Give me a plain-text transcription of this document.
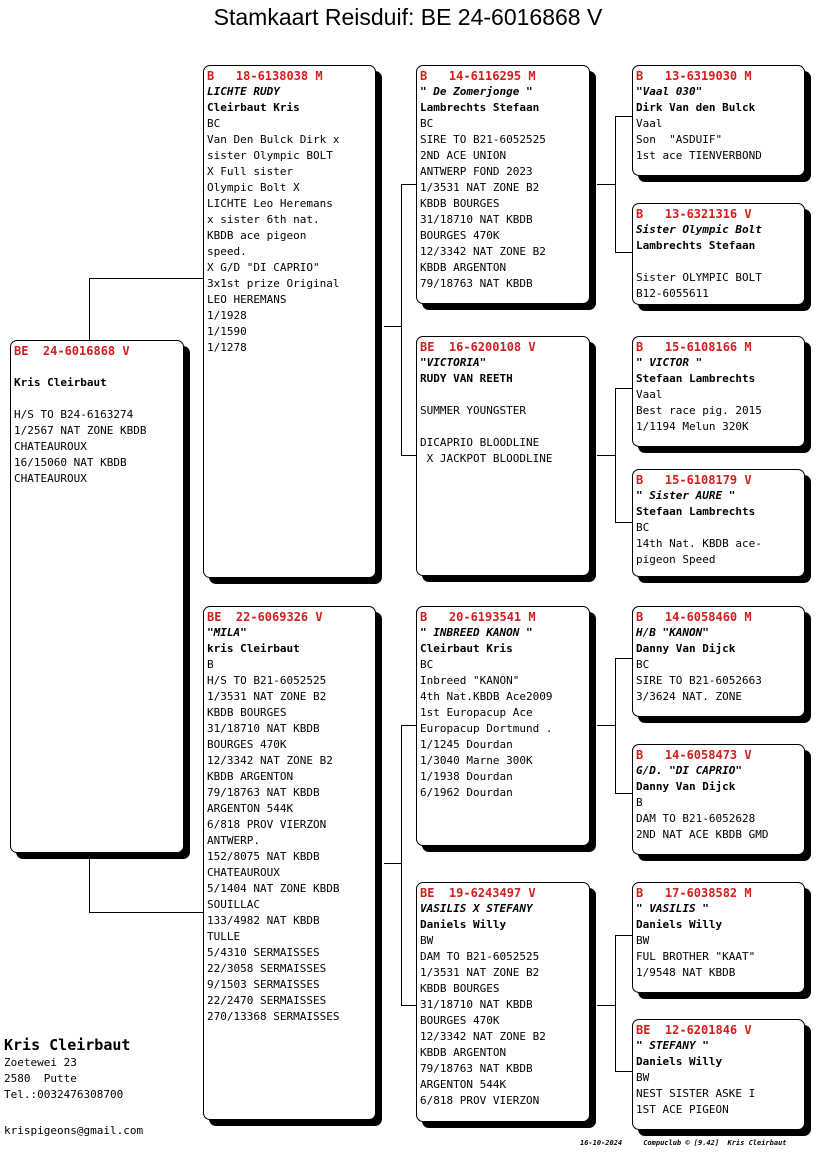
Stamkaart Reisduif: BE 24-6016868 V
BE  24-6016868 V

Kris Cleirbaut

H/S TO B24-6163274
1/2567 NAT ZONE KBDB
CHATEAUROUX
16/15060 NAT KBDB
CHATEAUROUX
B   18-6138038 M
LICHTE RUDY
Cleirbaut Kris
BC
Van Den Bulck Dirk x
sister Olympic BOLT
X Full sister
Olympic Bolt X
LICHTE Leo Heremans
x sister 6th nat.
KBDB ace pigeon
speed.
X G/D "DI CAPRIO"
3x1st prize Original
LEO HEREMANS
1/1928
1/1590
1/1278
BE  22-6069326 V
"MILA"
kris Cleirbaut
B
H/S TO B21-6052525
1/3531 NAT ZONE B2
KBDB BOURGES
31/18710 NAT KBDB
BOURGES 470K
12/3342 NAT ZONE B2
KBDB ARGENTON
79/18763 NAT KBDB
ARGENTON 544K
6/818 PROV VIERZON
ANTWERP.
152/8075 NAT KBDB
CHATEAUROUX
5/1404 NAT ZONE KBDB
SOUILLAC
133/4982 NAT KBDB
TULLE
5/4310 SERMAISSES
22/3058 SERMAISSES
9/1503 SERMAISSES
22/2470 SERMAISSES
270/13368 SERMAISSES
B   14-6116295 M
" De Zomerjonge "
Lambrechts Stefaan
BC
SIRE TO B21-6052525
2ND ACE UNION
ANTWERP FOND 2023
1/3531 NAT ZONE B2
KBDB BOURGES
31/18710 NAT KBDB
BOURGES 470K
12/3342 NAT ZONE B2
KBDB ARGENTON
79/18763 NAT KBDB
BE  16-6200108 V
"VICTORIA"
RUDY VAN REETH

SUMMER YOUNGSTER

DICAPRIO BLOODLINE
X JACKPOT BLOODLINE
B   20-6193541 M
" INBREED KANON "
Cleirbaut Kris
BC
Inbreed "KANON"
4th Nat.KBDB Ace2009
1st Europacup Ace
Europacup Dortmund .
1/1245 Dourdan
1/3040 Marne 300K
1/1938 Dourdan
6/1962 Dourdan
BE  19-6243497 V
VASILIS X STEFANY
Daniels Willy
BW
DAM TO B21-6052525
1/3531 NAT ZONE B2
KBDB BOURGES
31/18710 NAT KBDB
BOURGES 470K
12/3342 NAT ZONE B2
KBDB ARGENTON
79/18763 NAT KBDB
ARGENTON 544K
6/818 PROV VIERZON
B   13-6319030 M
"Vaal 030"
Dirk Van den Bulck
Vaal
Son  "ASDUIF"
1st ace TIENVERBOND
B   13-6321316 V
Sister Olympic Bolt
Lambrechts Stefaan

Sister OLYMPIC BOLT
B12-6055611
B   15-6108166 M
" VICTOR "
Stefaan Lambrechts
Vaal
Best race pig. 2015
1/1194 Melun 320K
B   15-6108179 V
" Sister AURE "
Stefaan Lambrechts
BC
14th Nat. KBDB ace-
pigeon Speed
B   14-6058460 M
H/B "KANON"
Danny Van Dijck
BC
SIRE TO B21-6052663
3/3624 NAT. ZONE
B   14-6058473 V
G/D. "DI CAPRIO"
Danny Van Dijck
B
DAM TO B21-6052628
2ND NAT ACE KBDB GMD
B   17-6038582 M
" VASILIS "
Daniels Willy
BW
FUL BROTHER "KAAT"
1/9548 NAT KBDB
BE  12-6201846 V
" STEFANY "
Daniels Willy
BW
NEST SISTER ASKE I
1ST ACE PIGEON
Kris Cleirbaut
Zoetewei 23
2580  Putte
Tel.:0032476308700
krispigeons@gmail.com
16-10-2024     Compuclub © [9.42]  Kris Cleirbaut
